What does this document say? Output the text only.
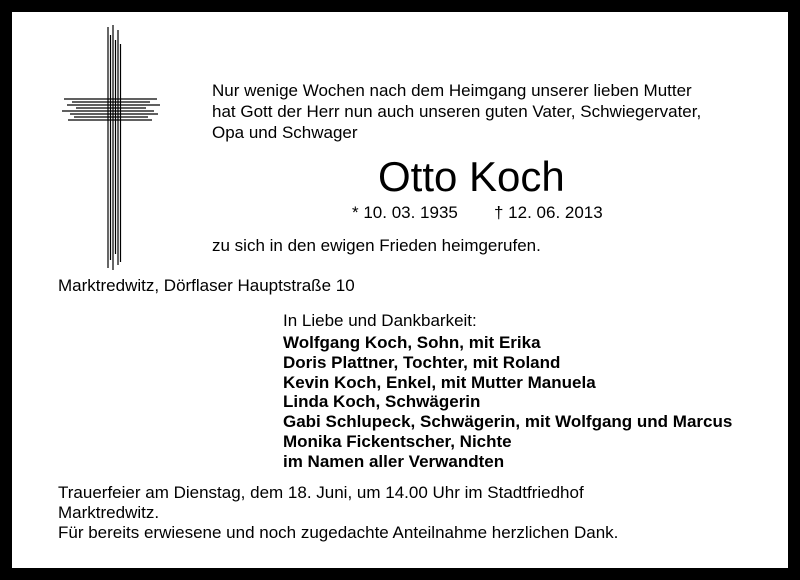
Nur wenige Wochen nach dem Heimgang unserer lieben Mutter
hat Gott der Herr nun auch unseren guten Vater, Schwiegervater,
Opa und Schwager
Otto Koch
* 10. 03. 1935 † 12. 06. 2013
zu sich in den ewigen Frieden heimgerufen.
Marktredwitz, Dörflaser Hauptstraße 10
In Liebe und Dankbarkeit:
Wolfgang Koch, Sohn, mit Erika
Doris Plattner, Tochter, mit Roland
Kevin Koch, Enkel, mit Mutter Manuela
Linda Koch, Schwägerin
Gabi Schlupeck, Schwägerin, mit Wolfgang und Marcus
Monika Fickentscher, Nichte
im Namen aller Verwandten
Trauerfeier am Dienstag, dem 18. Juni, um 14.00 Uhr im Stadtfriedhof
Marktredwitz.
Für bereits erwiesene und noch zugedachte Anteilnahme herzlichen Dank.
